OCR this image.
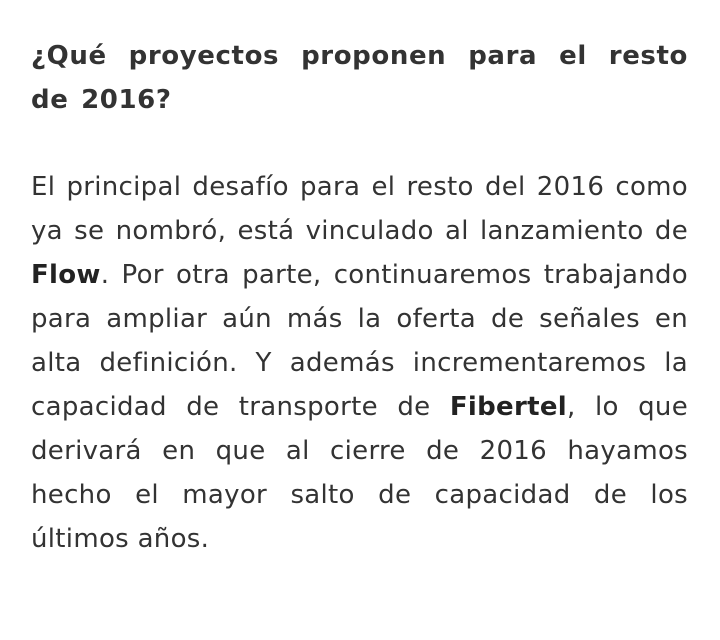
¿Qué proyectos proponen para el resto de 2016?

El principal desafío para el resto del 2016 como ya se nombró, está vinculado al lanzamiento de Flow. Por otra parte, continuaremos trabajando para ampliar aún más la oferta de señales en alta definición. Y además incrementaremos la capacidad de transporte de Fibertel, lo que derivará en que al cierre de 2016 hayamos hecho el mayor salto de capacidad de los últimos años.
